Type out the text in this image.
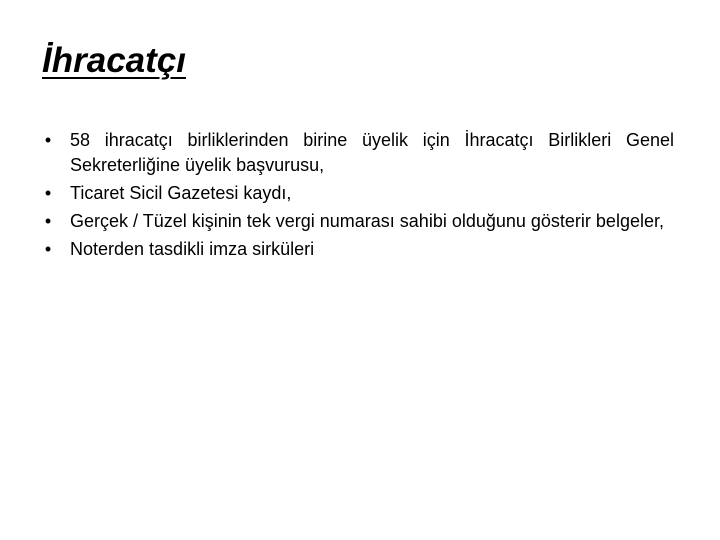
İhracatçı
• 58 ihracatçı birliklerinden birine üyelik için İhracatçı Birlikleri Genel Sekreterliğine üyelik başvurusu,
• Ticaret Sicil Gazetesi kaydı,
• Gerçek / Tüzel kişinin tek vergi numarası sahibi olduğunu gösterir belgeler,
• Noterden tasdikli imza sirküleri
